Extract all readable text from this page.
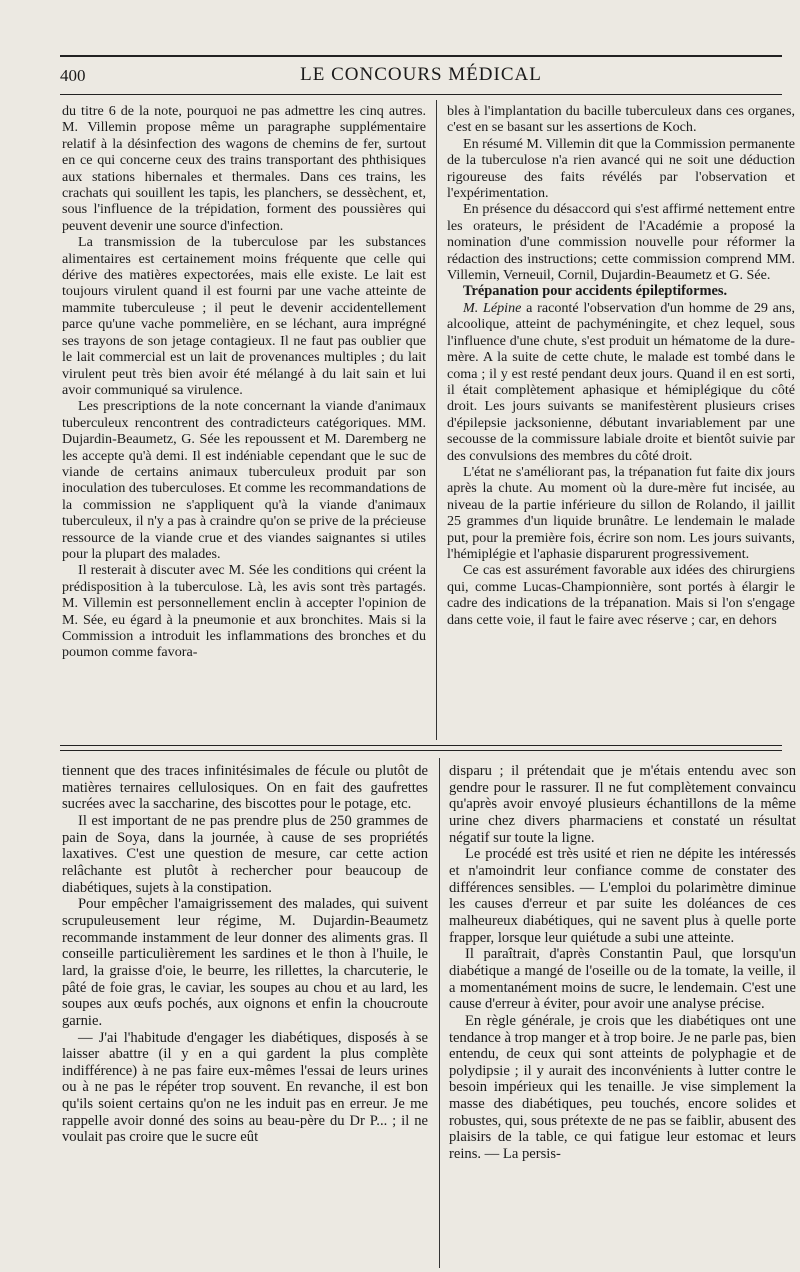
400	LE CONCOURS MÉDICAL

du titre 6 de la note, pourquoi ne pas admettre les cinq autres. M. Villemin propose même un paragraphe supplémentaire relatif à la désinfection des wagons de chemins de fer, surtout en ce qui concerne ceux des trains transportant des phthisiques aux stations hibernales et thermales. Dans ces trains, les crachats qui souillent les tapis, les planchers, se dessèchent, et, sous l'influence de la trépidation, forment des poussières qui peuvent devenir une source d'infection.

La transmission de la tuberculose par les substances alimentaires est certainement moins fréquente que celle qui dérive des matières expectorées, mais elle existe. Le lait est toujours virulent quand il est fourni par une vache atteinte de mammite tuberculeuse ; il peut le devenir accidentellement parce qu'une vache pommelière, en se léchant, aura imprégné ses trayons de son jetage contagieux. Il ne faut pas oublier que le lait commercial est un lait de provenances multiples ; du lait virulent peut très bien avoir été mélangé à du lait sain et lui avoir communiqué sa virulence.

Les prescriptions de la note concernant la viande d'animaux tuberculeux rencontrent des contradicteurs catégoriques. MM. Dujardin-Beaumetz, G. Sée les repoussent et M. Daremberg ne les accepte qu'à demi. Il est indéniable cependant que le suc de viande de certains animaux tuberculeux produit par son inoculation des tuberculoses. Et comme les recommandations de la commission ne s'appliquent qu'à la viande d'animaux tuberculeux, il n'y a pas à craindre qu'on se prive de la précieuse ressource de la viande crue et des viandes saignantes si utiles pour la plupart des malades.

Il resterait à discuter avec M. Sée les conditions qui créent la prédisposition à la tuberculose. Là, les avis sont très partagés. M. Villemin est personnellement enclin à accepter l'opinion de M. Sée, eu égard à la pneumonie et aux bronchites. Mais si la Commission a introduit les inflammations des bronches et du poumon comme favora-

bles à l'implantation du bacille tuberculeux dans ces organes, c'est en se basant sur les assertions de Koch.

En résumé M. Villemin dit que la Commission permanente de la tuberculose n'a rien avancé qui ne soit une déduction rigoureuse des faits révélés par l'observation et l'expérimentation.

En présence du désaccord qui s'est affirmé nettement entre les orateurs, le président de l'Académie a proposé la nomination d'une commission nouvelle pour réformer la rédaction des instructions; cette commission comprend MM. Villemin, Verneuil, Cornil, Dujardin-Beaumetz et G. Sée.

Trépanation pour accidents épileptiformes.

M. Lépine a raconté l'observation d'un homme de 29 ans, alcoolique, atteint de pachyméningite, et chez lequel, sous l'influence d'une chute, s'est produit un hématome de la dure-mère. A la suite de cette chute, le malade est tombé dans le coma ; il y est resté pendant deux jours. Quand il en est sorti, il était complètement aphasique et hémiplégique du côté droit. Les jours suivants se manifestèrent plusieurs crises d'épilepsie jacksonienne, débutant invariablement par une secousse de la commissure labiale droite et bientôt suivie par des convulsions des membres du côté droit.

L'état ne s'améliorant pas, la trépanation fut faite dix jours après la chute. Au moment où la dure-mère fut incisée, au niveau de la partie inférieure du sillon de Rolando, il jaillit 25 grammes d'un liquide brunâtre. Le lendemain le malade put, pour la première fois, écrire son nom. Les jours suivants, l'hémiplégie et l'aphasie disparurent progressivement.

Ce cas est assurément favorable aux idées des chirurgiens qui, comme Lucas-Championnière, sont portés à élargir le cadre des indications de la trépanation. Mais si l'on s'engage dans cette voie, il faut le faire avec réserve ; car, en dehors

tiennent que des traces infinitésimales de fécule ou plutôt de matières ternaires cellulosiques. On en fait des gaufrettes sucrées avec la saccharine, des biscottes pour le potage, etc.

Il est important de ne pas prendre plus de 250 grammes de pain de Soya, dans la journée, à cause de ses propriétés laxatives. C'est une question de mesure, car cette action relâchante est plutôt à rechercher pour beaucoup de diabétiques, sujets à la constipation.

Pour empêcher l'amaigrissement des malades, qui suivent scrupuleusement leur régime, M. Dujardin-Beaumetz recommande instamment de leur donner des aliments gras. Il conseille particulièrement les sardines et le thon à l'huile, le lard, la graisse d'oie, le beurre, les rillettes, la charcuterie, le pâté de foie gras, le caviar, les soupes au chou et au lard, les soupes aux œufs pochés, aux oignons et enfin la choucroute garnie.

— J'ai l'habitude d'engager les diabétiques, disposés à se laisser abattre (il y en a qui gardent la plus complète indifférence) à ne pas faire eux-mêmes l'essai de leurs urines ou à ne pas le répéter trop souvent. En revanche, il est bon qu'ils soient certains qu'on ne les induit pas en erreur. Je me rappelle avoir donné des soins au beau-père du Dr P... ; il ne voulait pas croire que le sucre eût

disparu ; il prétendait que je m'étais entendu avec son gendre pour le rassurer. Il ne fut complètement convaincu qu'après avoir envoyé plusieurs échantillons de la même urine chez divers pharmaciens et constaté un résultat négatif sur toute la ligne.

Le procédé est très usité et rien ne dépite les intéressés et n'amoindrit leur confiance comme de constater des différences sensibles. — L'emploi du polarimètre diminue les causes d'erreur et par suite les doléances de ces malheureux diabétiques, qui ne savent plus à quelle porte frapper, lorsque leur quiétude a subi une atteinte.

Il paraîtrait, d'après Constantin Paul, que lorsqu'un diabétique a mangé de l'oseille ou de la tomate, la veille, il a momentanément moins de sucre, le lendemain. C'est une cause d'erreur à éviter, pour avoir une analyse précise.

En règle générale, je crois que les diabétiques ont une tendance à trop manger et à trop boire. Je ne parle pas, bien entendu, de ceux qui sont atteints de polyphagie et de polydipsie ; il y aurait des inconvénients à lutter contre le besoin impérieux qui les tenaille. Je vise simplement la masse des diabétiques, peu touchés, encore solides et robustes, qui, sous prétexte de ne pas se faiblir, abusent des plaisirs de la table, ce qui fatigue leur estomac et leurs reins. — La persis-
